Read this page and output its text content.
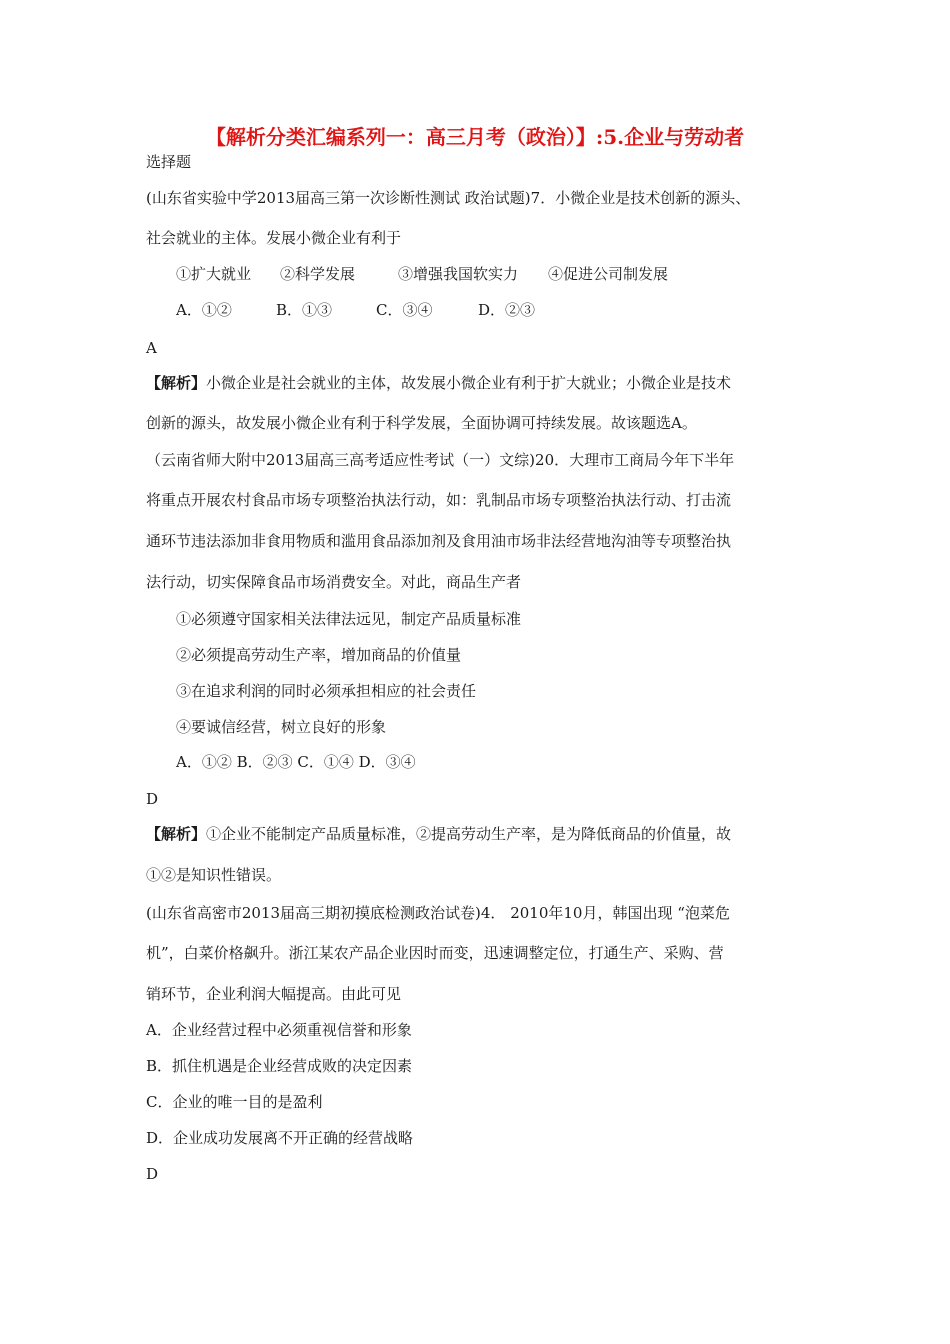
【解析分类汇编系列一：高三月考（政治）】:5.企业与劳动者
选择题
(山东省实验中学2013届高三第一次诊断性测试 政治试题)7．小微企业是技术创新的源头、
社会就业的主体。发展小微企业有利于
①扩大就业 ②科学发展	③增强我国软实力 ④促进公司制发展
A．①②	B．①③	C．③④	D．②③
A
【解析】小微企业是社会就业的主体，故发展小微企业有利于扩大就业；小微企业是技术
创新的源头，故发展小微企业有利于科学发展，全面协调可持续发展。故该题选A。
（云南省师大附中2013届高三高考适应性考试（一）文综)20．大理市工商局今年下半年
将重点开展农村食品市场专项整治执法行动，如：乳制品市场专项整治执法行动、打击流
通环节违法添加非食用物质和滥用食品添加剂及食用油市场非法经营地沟油等专项整治执
法行动，切实保障食品市场消费安全。对此，商品生产者
①必须遵守国家相关法律法远见，制定产品质量标准
②必须提高劳动生产率，增加商品的价值量
③在追求利润的同时必须承担相应的社会责任
④要诚信经营，树立良好的形象
A．①② B．②③ C．①④ D．③④
D
【解析】①企业不能制定产品质量标准，②提高劳动生产率，是为降低商品的价值量，故
①②是知识性错误。
(山东省高密市2013届高三期初摸底检测政治试卷)4． 2010年10月，韩国出现 “泡菜危
机”，白菜价格飙升。浙江某农产品企业因时而变，迅速调整定位，打通生产、采购、营
销环节，企业利润大幅提高。由此可见
A．企业经营过程中必须重视信誉和形象
B．抓住机遇是企业经营成败的决定因素
C．企业的唯一目的是盈利
D．企业成功发展离不开正确的经营战略
D
